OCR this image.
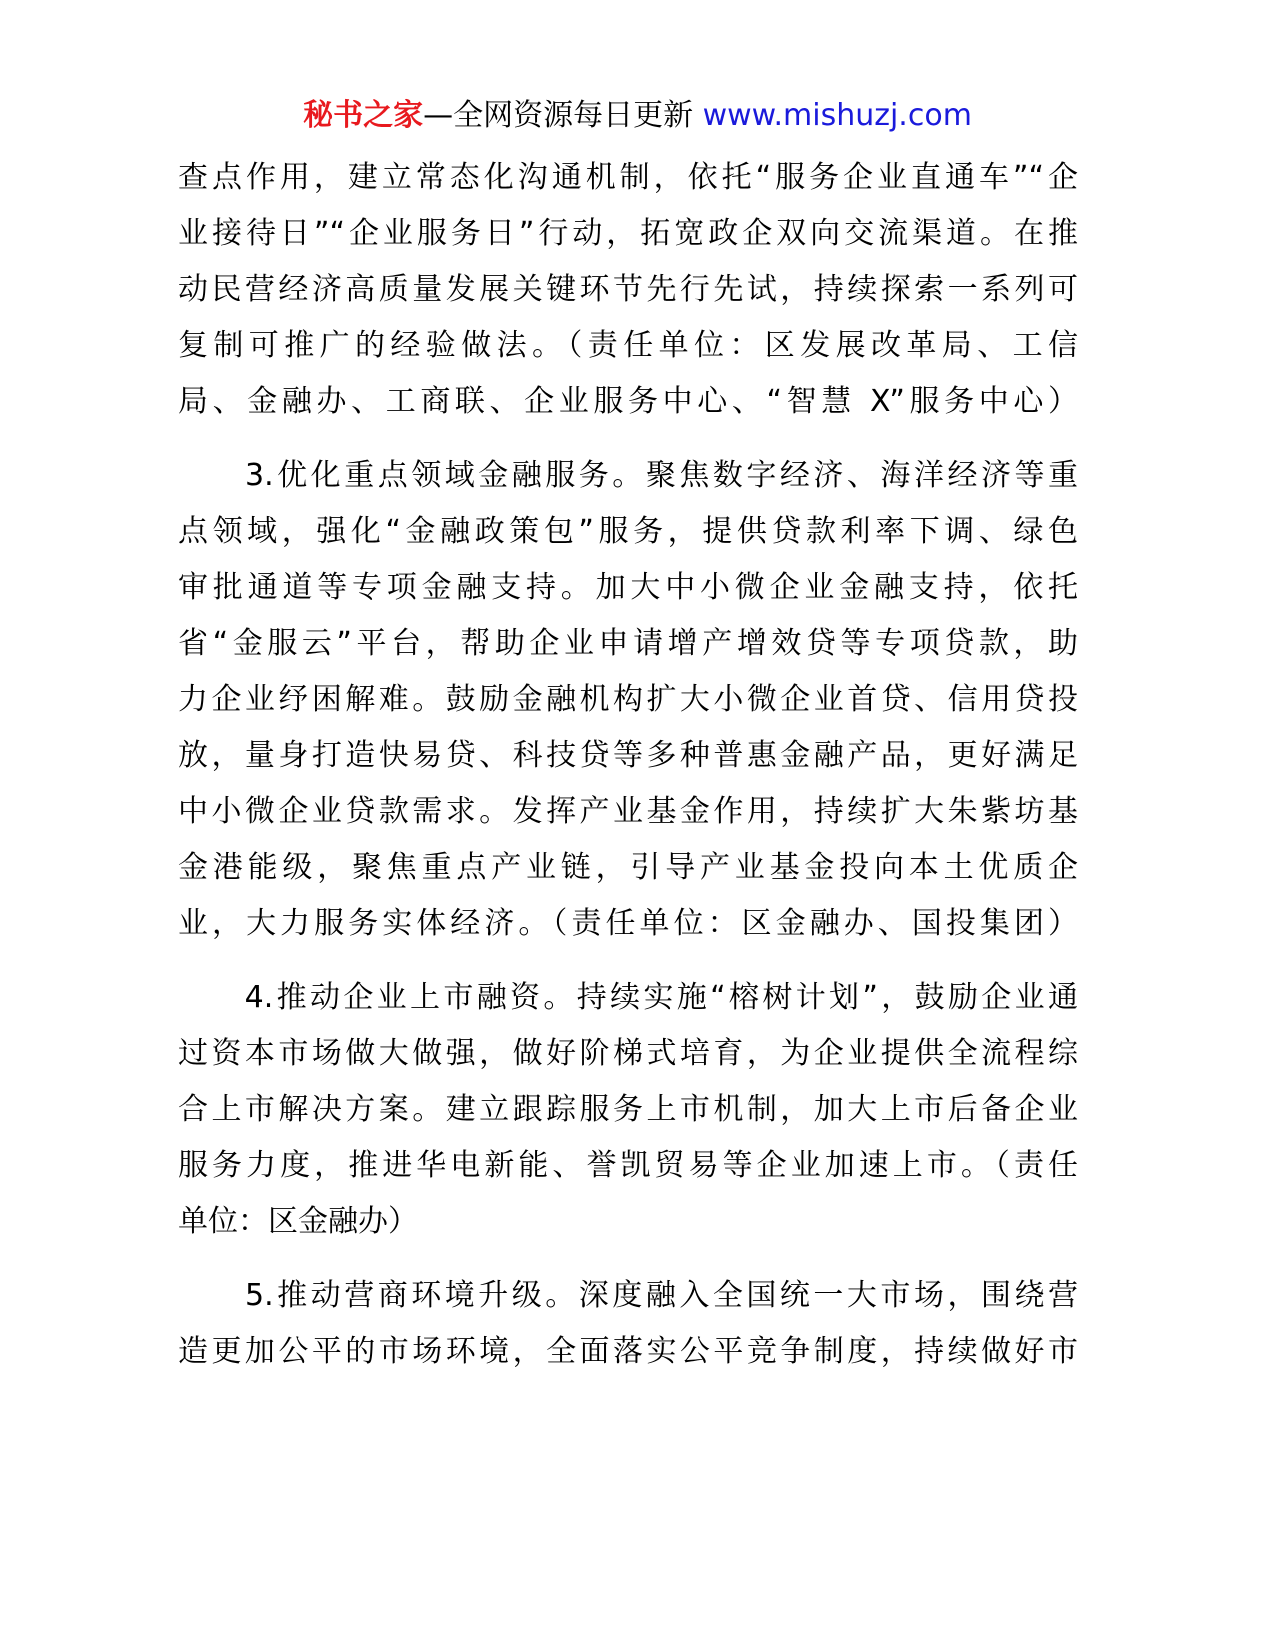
秘书之家—全网资源每日更新 www.mishuzj.com
查点作用，建立常态化沟通机制，依托“服务企业直通车”“企
业接待日”“企业服务日”行动，拓宽政企双向交流渠道。在推
动民营经济高质量发展关键环节先行先试，持续探索一系列可
复制可推广的经验做法。（责任单位：区发展改革局、工信
局、金融办、工商联、企业服务中心、“智慧 X”服务中心）
　　3.优化重点领域金融服务。聚焦数字经济、海洋经济等重
点领域，强化“金融政策包”服务，提供贷款利率下调、绿色
审批通道等专项金融支持。加大中小微企业金融支持，依托
省“金服云”平台，帮助企业申请增产增效贷等专项贷款，助
力企业纾困解难。鼓励金融机构扩大小微企业首贷、信用贷投
放，量身打造快易贷、科技贷等多种普惠金融产品，更好满足
中小微企业贷款需求。发挥产业基金作用，持续扩大朱紫坊基
金港能级，聚焦重点产业链，引导产业基金投向本土优质企
业，大力服务实体经济。（责任单位：区金融办、国投集团）
　　4.推动企业上市融资。持续实施“榕树计划”，鼓励企业通
过资本市场做大做强，做好阶梯式培育，为企业提供全流程综
合上市解决方案。建立跟踪服务上市机制，加大上市后备企业
服务力度，推进华电新能、誉凯贸易等企业加速上市。（责任
单位：区金融办）
　　5.推动营商环境升级。深度融入全国统一大市场，围绕营
造更加公平的市场环境，全面落实公平竞争制度，持续做好市
